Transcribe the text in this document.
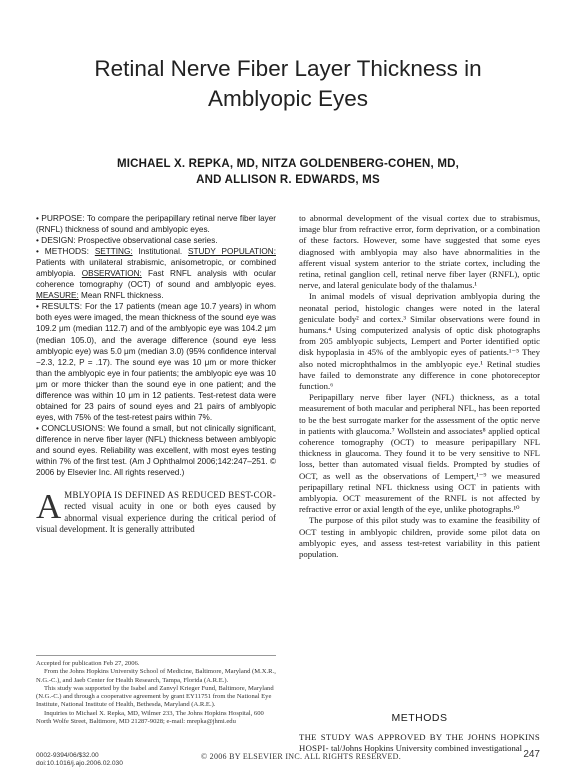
Retinal Nerve Fiber Layer Thickness in Amblyopic Eyes
MICHAEL X. REPKA, MD, NITZA GOLDENBERG-COHEN, MD,
AND ALLISON R. EDWARDS, MS

• PURPOSE: To compare the peripapillary retinal nerve fiber layer (RNFL) thickness of sound and amblyopic eyes.

• DESIGN: Prospective observational case series.

• METHODS: SETTING: Institutional. STUDY POPULATION: Patients with unilateral strabismic, anisometropic, or combined amblyopia. OBSERVATION: Fast RNFL analysis with ocular coherence tomography (OCT) of sound and amblyopic eyes. MEASURE: Mean RNFL thickness.

• RESULTS: For the 17 patients (mean age 10.7 years) in whom both eyes were imaged, the mean thickness of the sound eye was 109.2 μm (median 112.7) and of the amblyopic eye was 104.2 μm (median 105.0), and the average difference (sound eye less amblyopic eye) was 5.0 μm (median 3.0) (95% confidence interval −2.3, 12.2, P = .17). The sound eye was 10 μm or more thicker than the amblyopic eye in four patients; the amblyopic eye was 10 μm or more thicker than the sound eye in one patient; and the difference was within 10 μm in 12 patients. Test-retest data were obtained for 23 pairs of sound eyes and 21 pairs of amblyopic eyes, with 75% of the test-retest pairs within 7%.

• CONCLUSIONS: We found a small, but not clinically significant, difference in nerve fiber layer (NFL) thickness between amblyopic and sound eyes. Reliability was excellent, with most eyes testing within 7% of the first test. (Am J Ophthalmol 2006;142:247–251. © 2006 by Elsevier Inc. All rights reserved.)

AMBLYOPIA IS DEFINED AS REDUCED BEST-COR- rected visual acuity in one or both eyes caused by abnormal visual experience during the critical period of visual development. It is generally attributed

Accepted for publication Feb 27, 2006.

From the Johns Hopkins University School of Medicine, Baltimore, Maryland (M.X.R., N.G.-C.), and Jaeb Center for Health Research, Tampa, Florida (A.R.E.).

This study was supported by the Isabel and Zanvyl Krieger Fund, Baltimore, Maryland (N.G.-C.) and through a cooperative agreement by grant EY11751 from the National Eye Institute, National Institute of Health, Bethesda, Maryland (A.R.E.).

Inquiries to Michael X. Repka, MD, Wilmer 233, The Johns Hopkins Hospital, 600 North Wolfe Street, Baltimore, MD 21287-9028; e-mail: mrepka@jhmi.edu

to abnormal development of the visual cortex due to strabismus, image blur from refractive error, form deprivation, or a combination of these factors. However, some have suggested that some eyes diagnosed with amblyopia may also have abnormalities in the afferent visual system anterior to the striate cortex, including the retina, retinal ganglion cell, retinal nerve fiber layer (RNFL), optic nerve, and lateral geniculate body of the thalamus.¹

In animal models of visual deprivation amblyopia during the neonatal period, histologic changes were noted in the lateral geniculate body² and cortex.³ Similar observations were found in humans.⁴ Using computerized analysis of optic disk photographs from 205 amblyopic subjects, Lempert and Porter identified optic disk hypoplasia in 45% of the amblyopic eyes of patients.¹⁻⁵ They also noted microphthalmos in the amblyopic eye.¹ Retinal studies have failed to demonstrate any difference in cone photoreceptor function.⁶

Peripapillary nerve fiber layer (NFL) thickness, as a total measurement of both macular and peripheral NFL, has been reported to be the best surrogate marker for the assessment of the optic nerve in patients with glaucoma.⁷ Wollstein and associates⁸ applied optical coherence tomography (OCT) to measure peripapillary NFL thickness in glaucoma. They found it to be very sensitive to NFL loss, better than automated visual fields. Prompted by studies of OCT, as well as the observations of Lempert,¹⁻⁹ we measured peripapillary retinal NFL thickness using OCT in patients with amblyopia. OCT measurement of the RNFL is not affected by refractive error or axial length of the eye, unlike photographs.¹⁰

The purpose of this pilot study was to examine the feasibility of OCT testing in amblyopic children, provide some pilot data on amblyopic eyes, and assess test-retest variability in this patient population.

METHODS
THE STUDY WAS APPROVED BY THE JOHNS HOPKINS HOSPI- tal/Johns Hopkins University combined investigational
0002-9394/06/$32.00
doi:10.1016/j.ajo.2006.02.030
© 2006 BY ELSEVIER INC. ALL RIGHTS RESERVED.	247
